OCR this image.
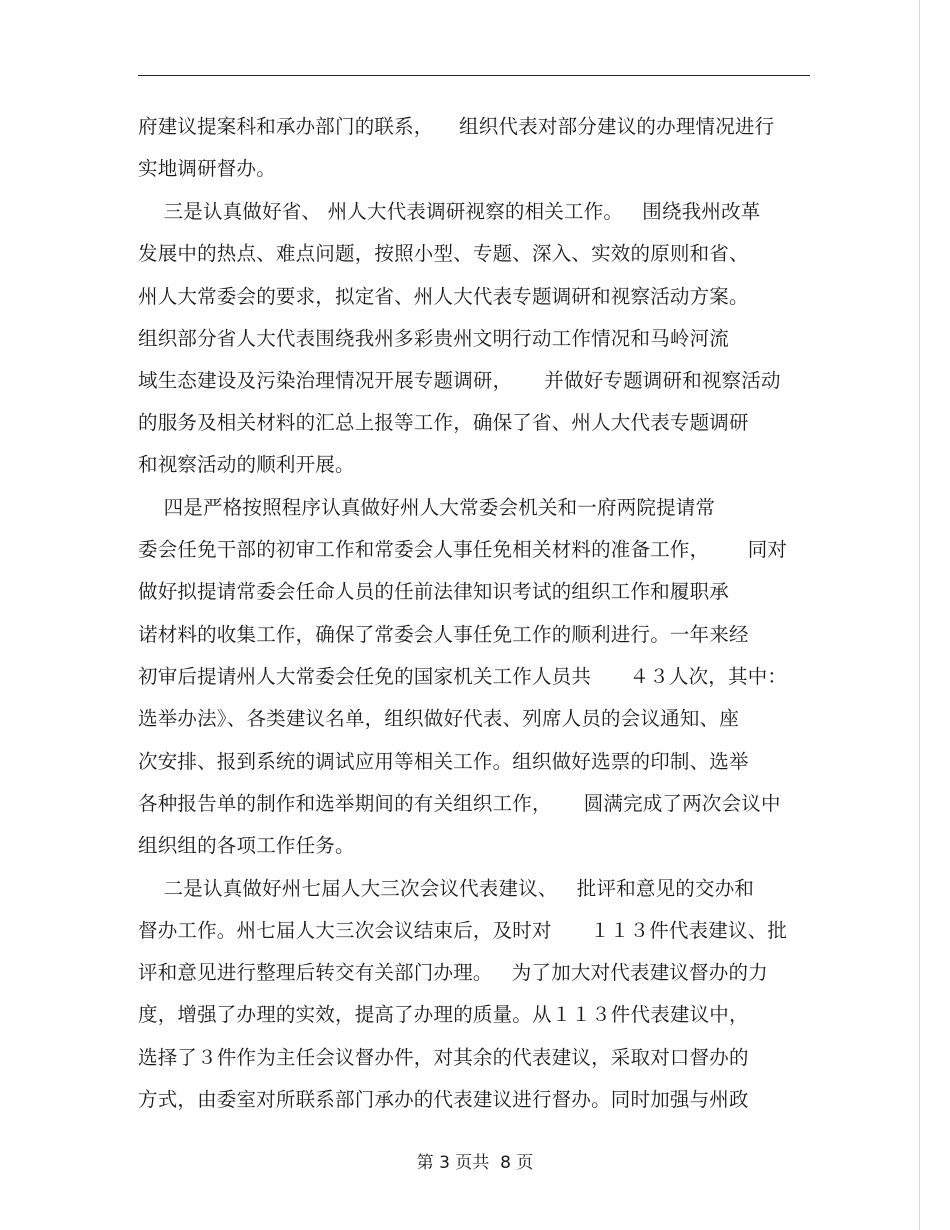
府建议提案科和承办部门的联系，    组织代表对部分建议的办理情况进行
实地调研督办。
三是认真做好省、 州人大代表调研视察的相关工作。   围绕我州改革
发展中的热点、难点问题，按照小型、专题、深入、实效的原则和省、
州人大常委会的要求，拟定省、州人大代表专题调研和视察活动方案。
组织部分省人大代表围绕我州多彩贵州文明行动工作情况和马岭河流
域生态建设及污染治理情况开展专题调研，     并做好专题调研和视察活动
的服务及相关材料的汇总上报等工作，确保了省、州人大代表专题调研
和视察活动的顺利开展。
四是严格按照程序认真做好州人大常委会机关和一府两院提请常
委会任免干部的初审工作和常委会人事任免相关材料的准备工作，      同对
做好拟提请常委会任命人员的任前法律知识考试的组织工作和履职承
诺材料的收集工作，确保了常委会人事任免工作的顺利进行。一年来经
初审后提请州人大常委会任免的国家机关工作人员共      ４３人次，其中：
选举办法》、各类建议名单，组织做好代表、列席人员的会议通知、座
次安排、报到系统的调试应用等相关工作。组织做好选票的印制、选举
各种报告单的制作和选举期间的有关组织工作，     圆满完成了两次会议中
组织组的各项工作任务。
二是认真做好州七届人大三次会议代表建议、   批评和意见的交办和
督办工作。州七届人大三次会议结束后，及时对      １１３件代表建议、批
评和意见进行整理后转交有关部门办理。   为了加大对代表建议督办的力
度，增强了办理的实效，提高了办理的质量。从１１３件代表建议中，
选择了３件作为主任会议督办件，对其余的代表建议，采取对口督办的
方式，由委室对所联系部门承办的代表建议进行督办。同时加强与州政
第 3 页共  8 页
